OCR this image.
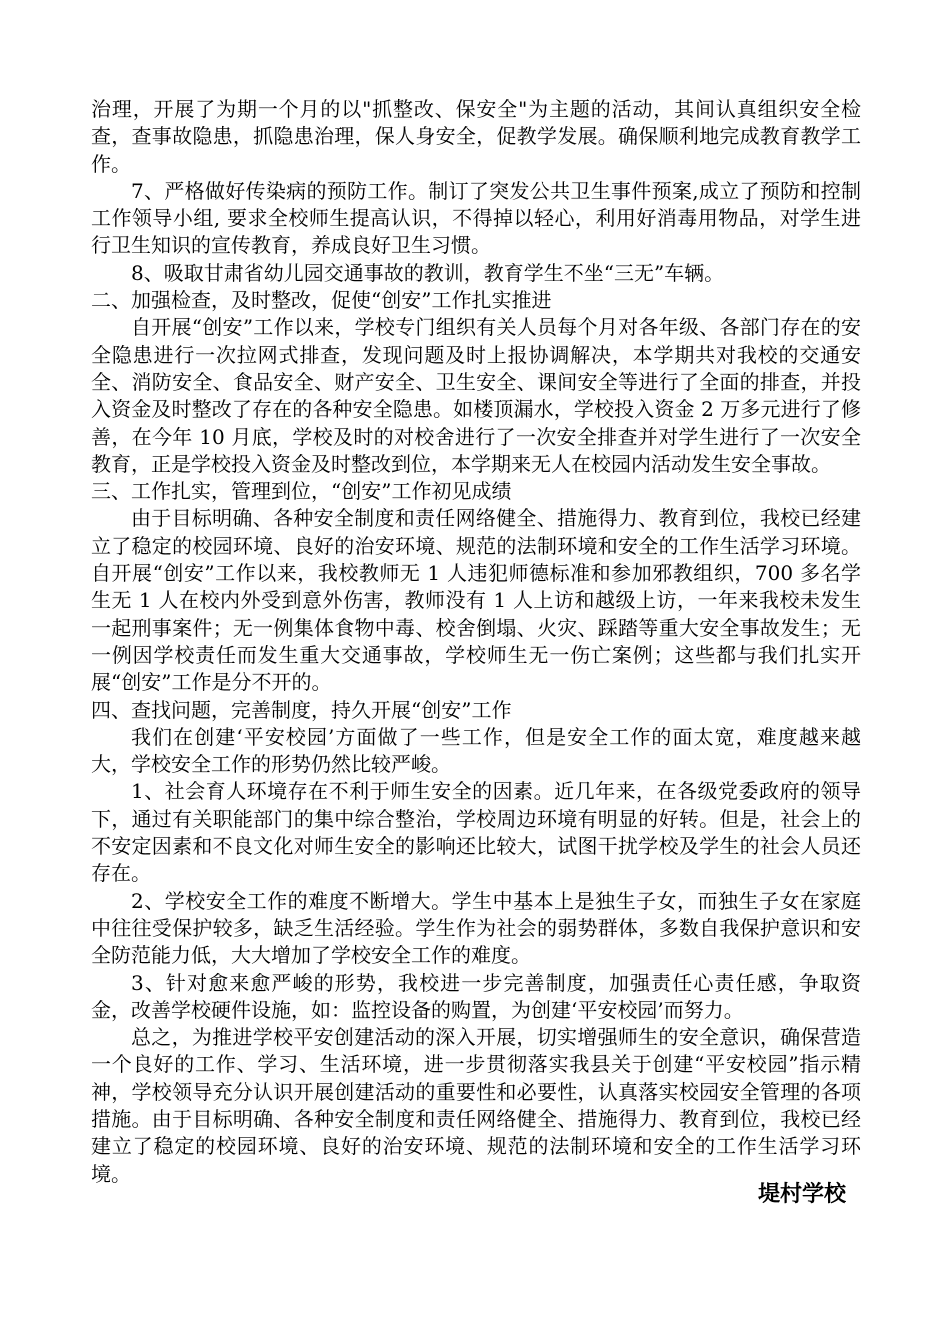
治理，开展了为期一个月的以"抓整改、保安全"为主题的活动，其间认真组织安全检查，查事故隐患，抓隐患治理，保人身安全，促教学发展。确保顺利地完成教育教学工作。

7、严格做好传染病的预防工作。制订了突发公共卫生事件预案,成立了预防和控制工作领导小组, 要求全校师生提高认识，不得掉以轻心，利用好消毒用物品，对学生进行卫生知识的宣传教育，养成良好卫生习惯。

8、吸取甘肃省幼儿园交通事故的教训，教育学生不坐“三无”车辆。

二、加强检查，及时整改，促使“创安”工作扎实推进

自开展“创安”工作以来，学校专门组织有关人员每个月对各年级、各部门存在的安全隐患进行一次拉网式排查，发现问题及时上报协调解决，本学期共对我校的交通安全、消防安全、食品安全、财产安全、卫生安全、课间安全等进行了全面的排查，并投入资金及时整改了存在的各种安全隐患。如楼顶漏水，学校投入资金 2 万多元进行了修善，在今年 10 月底，学校及时的对校舍进行了一次安全排查并对学生进行了一次安全教育，正是学校投入资金及时整改到位，本学期来无人在校园内活动发生安全事故。

三、工作扎实，管理到位，“创安”工作初见成绩

由于目标明确、各种安全制度和责任网络健全、措施得力、教育到位，我校已经建立了稳定的校园环境、良好的治安环境、规范的法制环境和安全的工作生活学习环境。自开展“创安”工作以来，我校教师无 1 人违犯师德标准和参加邪教组织，700 多名学生无 1 人在校内外受到意外伤害，教师没有 1 人上访和越级上访，一年来我校未发生一起刑事案件；无一例集体食物中毒、校舍倒塌、火灾、踩踏等重大安全事故发生；无一例因学校责任而发生重大交通事故，学校师生无一伤亡案例；这些都与我们扎实开展“创安”工作是分不开的。

四、查找问题，完善制度，持久开展“创安”工作

我们在创建‘平安校园’方面做了一些工作，但是安全工作的面太宽，难度越来越大，学校安全工作的形势仍然比较严峻。

1、社会育人环境存在不利于师生安全的因素。近几年来，在各级党委政府的领导下，通过有关职能部门的集中综合整治，学校周边环境有明显的好转。但是，社会上的不安定因素和不良文化对师生安全的影响还比较大，试图干扰学校及学生的社会人员还存在。

2、学校安全工作的难度不断增大。学生中基本上是独生子女，而独生子女在家庭中往往受保护较多，缺乏生活经验。学生作为社会的弱势群体，多数自我保护意识和安全防范能力低，大大增加了学校安全工作的难度。

3、针对愈来愈严峻的形势，我校进一步完善制度，加强责任心责任感，争取资金，改善学校硬件设施，如：监控设备的购置，为创建‘平安校园’而努力。

总之，为推进学校平安创建活动的深入开展，切实增强师生的安全意识，确保营造一个良好的工作、学习、生活环境，进一步贯彻落实我县关于创建“平安校园”指示精神，学校领导充分认识开展创建活动的重要性和必要性，认真落实校园安全管理的各项措施。由于目标明确、各种安全制度和责任网络健全、措施得力、教育到位，我校已经建立了稳定的校园环境、良好的治安环境、规范的法制环境和安全的工作生活学习环境。

堤村学校
